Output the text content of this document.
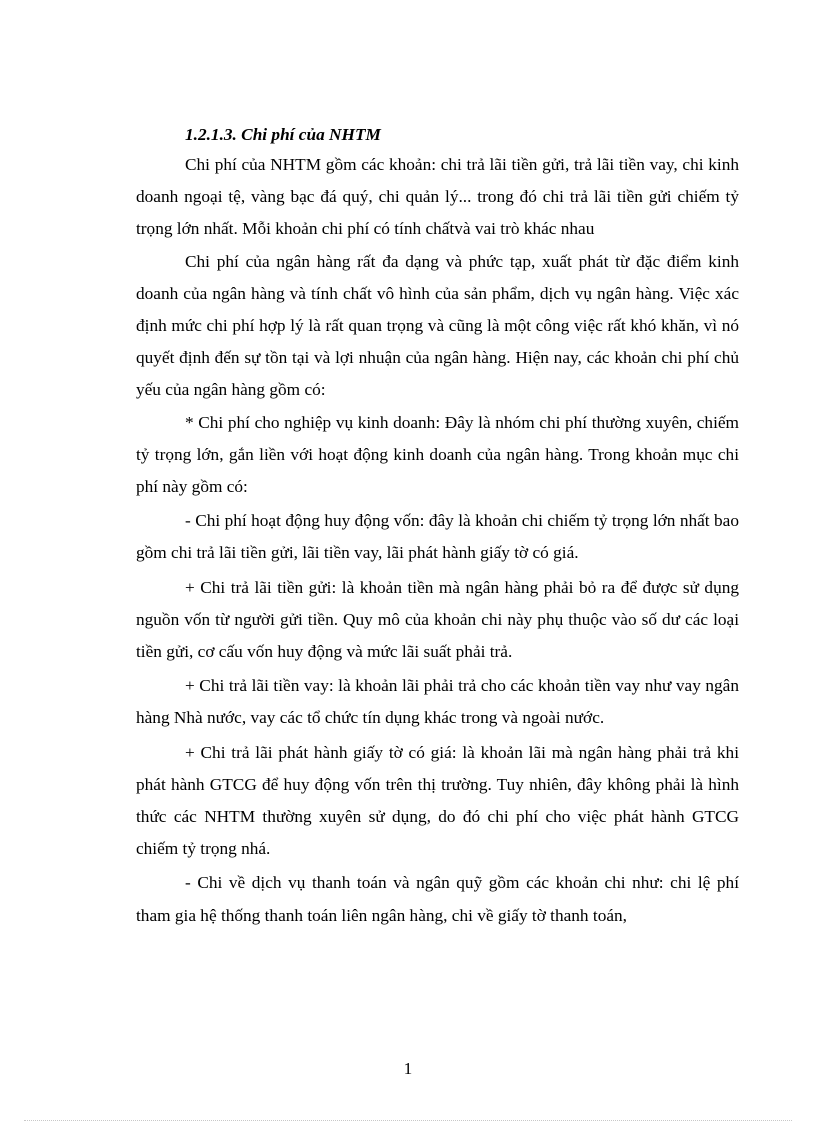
1.2.1.3. Chi phí của NHTM

Chi phí của NHTM gồm các khoản: chi trả lãi tiền gửi, trả lãi tiền vay, chi kinh doanh ngoại tệ, vàng bạc đá quý, chi quản lý... trong đó chi trả lãi tiền gửi chiếm tỷ trọng lớn nhất. Mỗi khoản chi phí có tính chấtvà vai trò khác nhau

Chi phí của ngân hàng rất đa dạng và phức tạp, xuất phát từ đặc điểm kinh doanh của ngân hàng và tính chất vô hình của sản phẩm, dịch vụ ngân hàng. Việc xác định mức chi phí hợp lý là rất quan trọng và cũng là một công việc rất khó khăn, vì nó quyết định đến sự tồn tại và lợi nhuận của ngân hàng. Hiện nay, các khoản chi phí chủ yếu của ngân hàng gồm có:

* Chi phí cho nghiệp vụ kinh doanh: Đây là nhóm chi phí thường xuyên, chiếm tỷ trọng lớn, gắn liền với hoạt động kinh doanh của ngân hàng. Trong khoản mục chi phí này gồm có:

- Chi phí hoạt động huy động vốn: đây là khoản chi chiếm tỷ trọng lớn nhất bao gồm chi trả lãi tiền gửi, lãi tiền vay, lãi phát hành giấy tờ có giá.

+ Chi trả lãi tiền gửi: là khoản tiền mà ngân hàng phải bỏ ra để được sử dụng nguồn vốn từ người gửi tiền. Quy mô của khoản chi này phụ thuộc vào số dư các loại tiền gửi, cơ cấu vốn huy động và mức lãi suất phải trả.

+ Chi trả lãi tiền vay: là khoản lãi phải trả cho các khoản tiền vay như vay ngân hàng Nhà nước, vay các tổ chức tín dụng khác trong và ngoài nước.

+ Chi trả lãi phát hành giấy tờ có giá: là khoản lãi mà ngân hàng phải trả khi phát hành GTCG để huy động vốn trên thị trường. Tuy nhiên, đây không phải là hình thức các NHTM thường xuyên sử dụng, do đó chi phí cho việc phát hành GTCG chiếm tỷ trọng nhá.

- Chi về dịch vụ thanh toán và ngân quỹ gồm các khoản chi như: chi lệ phí tham gia hệ thống thanh toán liên ngân hàng, chi về giấy tờ thanh toán,

1
